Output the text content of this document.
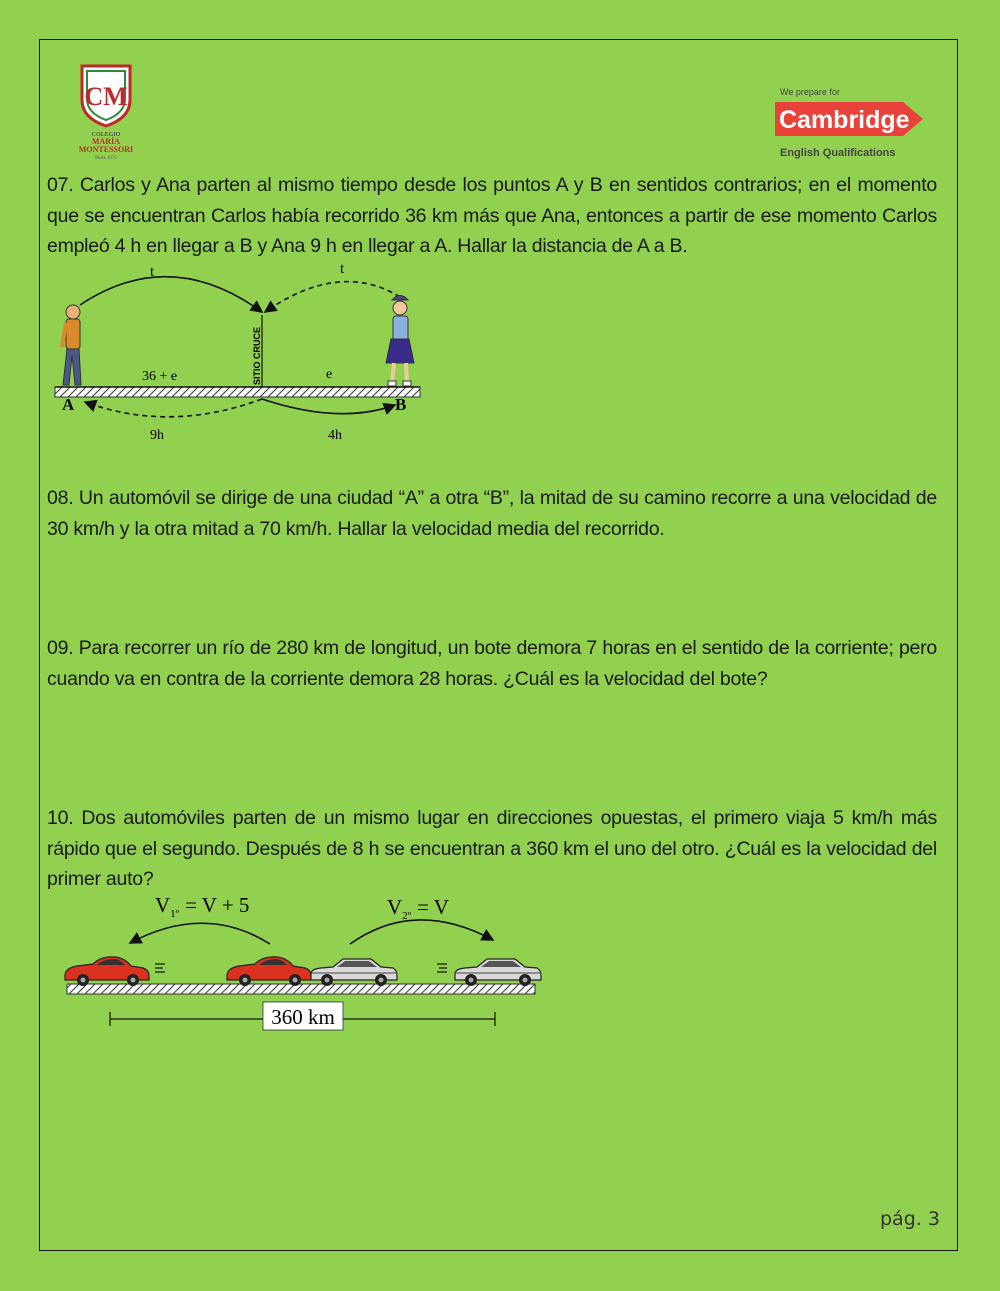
CM
COLEGIO
MARÍA
MONTESSORI
Piura 1975
We prepare for
Cambridge
English Qualifications

07. Carlos y Ana parten al mismo tiempo desde los puntos A y B en sentidos contrarios; en el momento que se encuentran Carlos había recorrido 36 km más que Ana, entonces a partir de ese momento Carlos empleó 4 h en llegar a B y Ana 9 h en llegar a A. Hallar la distancia de A a B.

08. Un automóvil se dirige de una ciudad “A” a otra “B”, la mitad de su camino recorre a una velocidad de 30 km/h y la otra mitad a 70 km/h. Hallar la velocidad media del recorrido.

09. Para recorrer un río de 280 km de longitud, un bote demora 7 horas en el sentido de la corriente; pero cuando va en contra de la corriente demora 28 horas. ¿Cuál es la velocidad del bote?

10. Dos automóviles parten de un mismo lugar en direcciones opuestas, el primero viaja 5 km/h más rápido que el segundo. Después de 8 h se encuentran a 360 km el uno del otro. ¿Cuál es la velocidad del primer auto?

SITIO CRUCE
t	t
36 + e	e
A	B
9h	4h
$V_{1º} = V + 5$	$V_{2º} = V$
360 km
pág. 3
